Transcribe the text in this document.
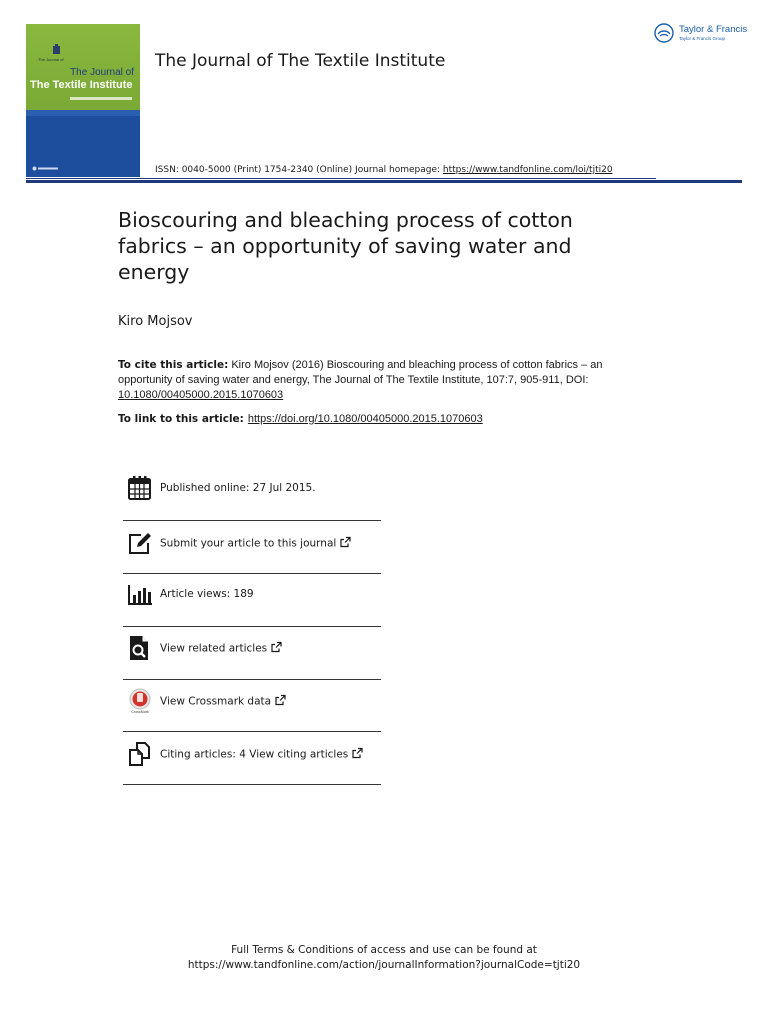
The Journal of
The Journal of
The Textile Institute
The Journal of The Textile Institute
ISSN: 0040-5000 (Print) 1754-2340 (Online) Journal homepage: https://www.tandfonline.com/loi/tjti20
Taylor & Francis
Taylor & Francis Group
Bioscouring and bleaching process of cotton fabrics – an opportunity of saving water and energy
Kiro Mojsov
To cite this article: Kiro Mojsov (2016) Bioscouring and bleaching process of cotton fabrics – an opportunity of saving water and energy, The Journal of The Textile Institute, 107:7, 905-911, DOI: 10.1080/00405000.2015.1070603
To link to this article: https://doi.org/10.1080/00405000.2015.1070603
Published online: 27 Jul 2015.
Submit your article to this journal
Article views: 189
View related articles
CrossMark
View Crossmark data
Citing articles: 4 View citing articles
Full Terms & Conditions of access and use can be found at
https://www.tandfonline.com/action/journalInformation?journalCode=tjti20
